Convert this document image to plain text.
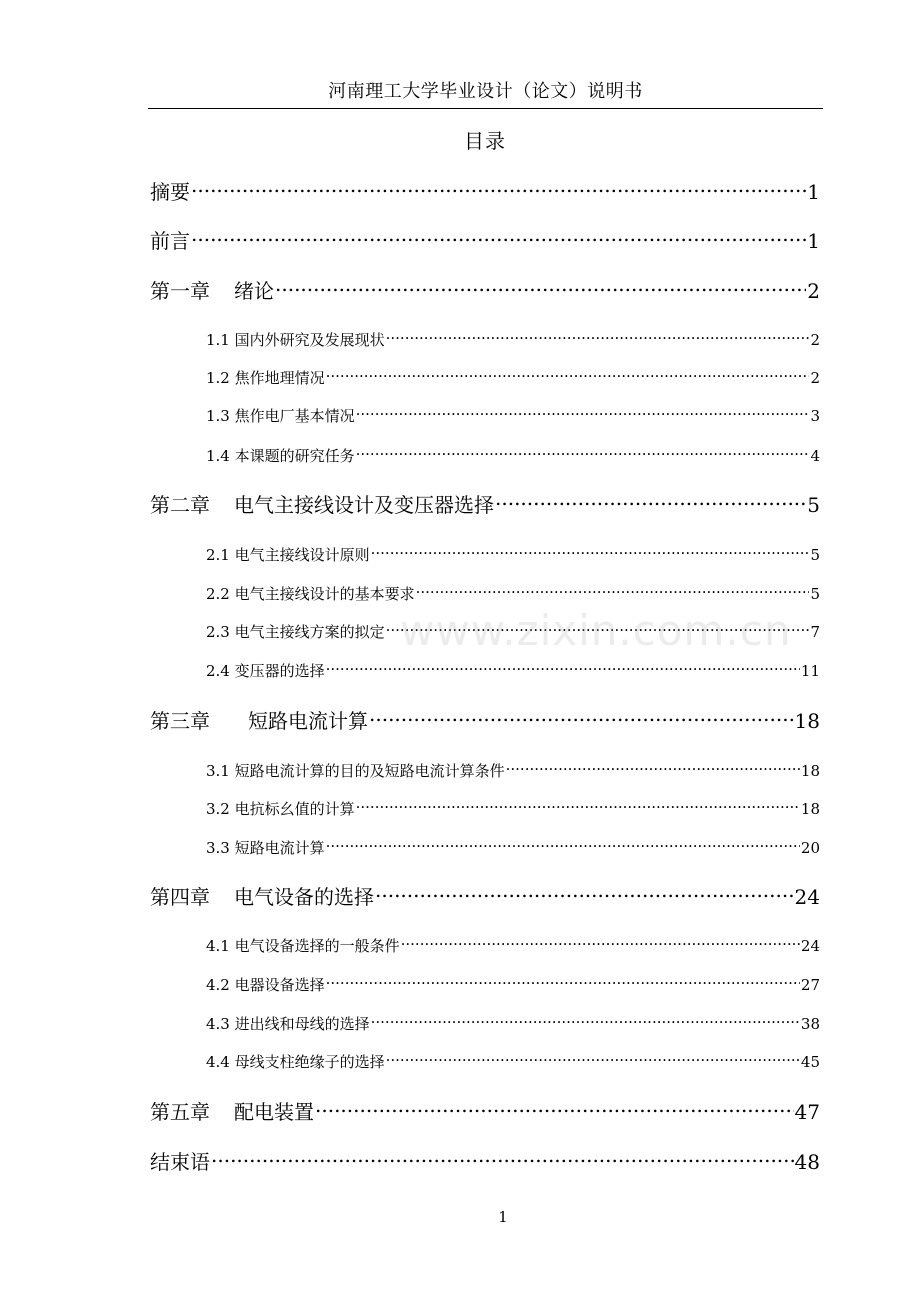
河南理工大学毕业设计（论文）说明书
目录
摘要 .....	1
前言 .....	1
第一章 绪论 .....	2
1.1 国内外研究及发展现状 .....	2
1.2 焦作地理情况 .....	2
1.3 焦作电厂基本情况 .....	3
1.4 本课题的研究任务 .....	4
第二章 电气主接线设计及变压器选择 .....	5
2.1 电气主接线设计原则 .....	5
2.2 电气主接线设计的基本要求 .....	5
2.3 电气主接线方案的拟定 .....	7
2.4 变压器的选择 .....	11
第三章 短路电流计算 .....	18
3.1 短路电流计算的目的及短路电流计算条件 .....	18
3.2 电抗标幺值的计算 .....	18
3.3 短路电流计算 .....	20
第四章 电气设备的选择 .....	24
4.1 电气设备选择的一般条件 .....	24
4.2 电器设备选择 .....	27
4.3 进出线和母线的选择 .....	38
4.4 母线支柱绝缘子的选择 .....	45
第五章 配电装置 .....	47
结束语 .....	48
www.zixin.com.cn
1
